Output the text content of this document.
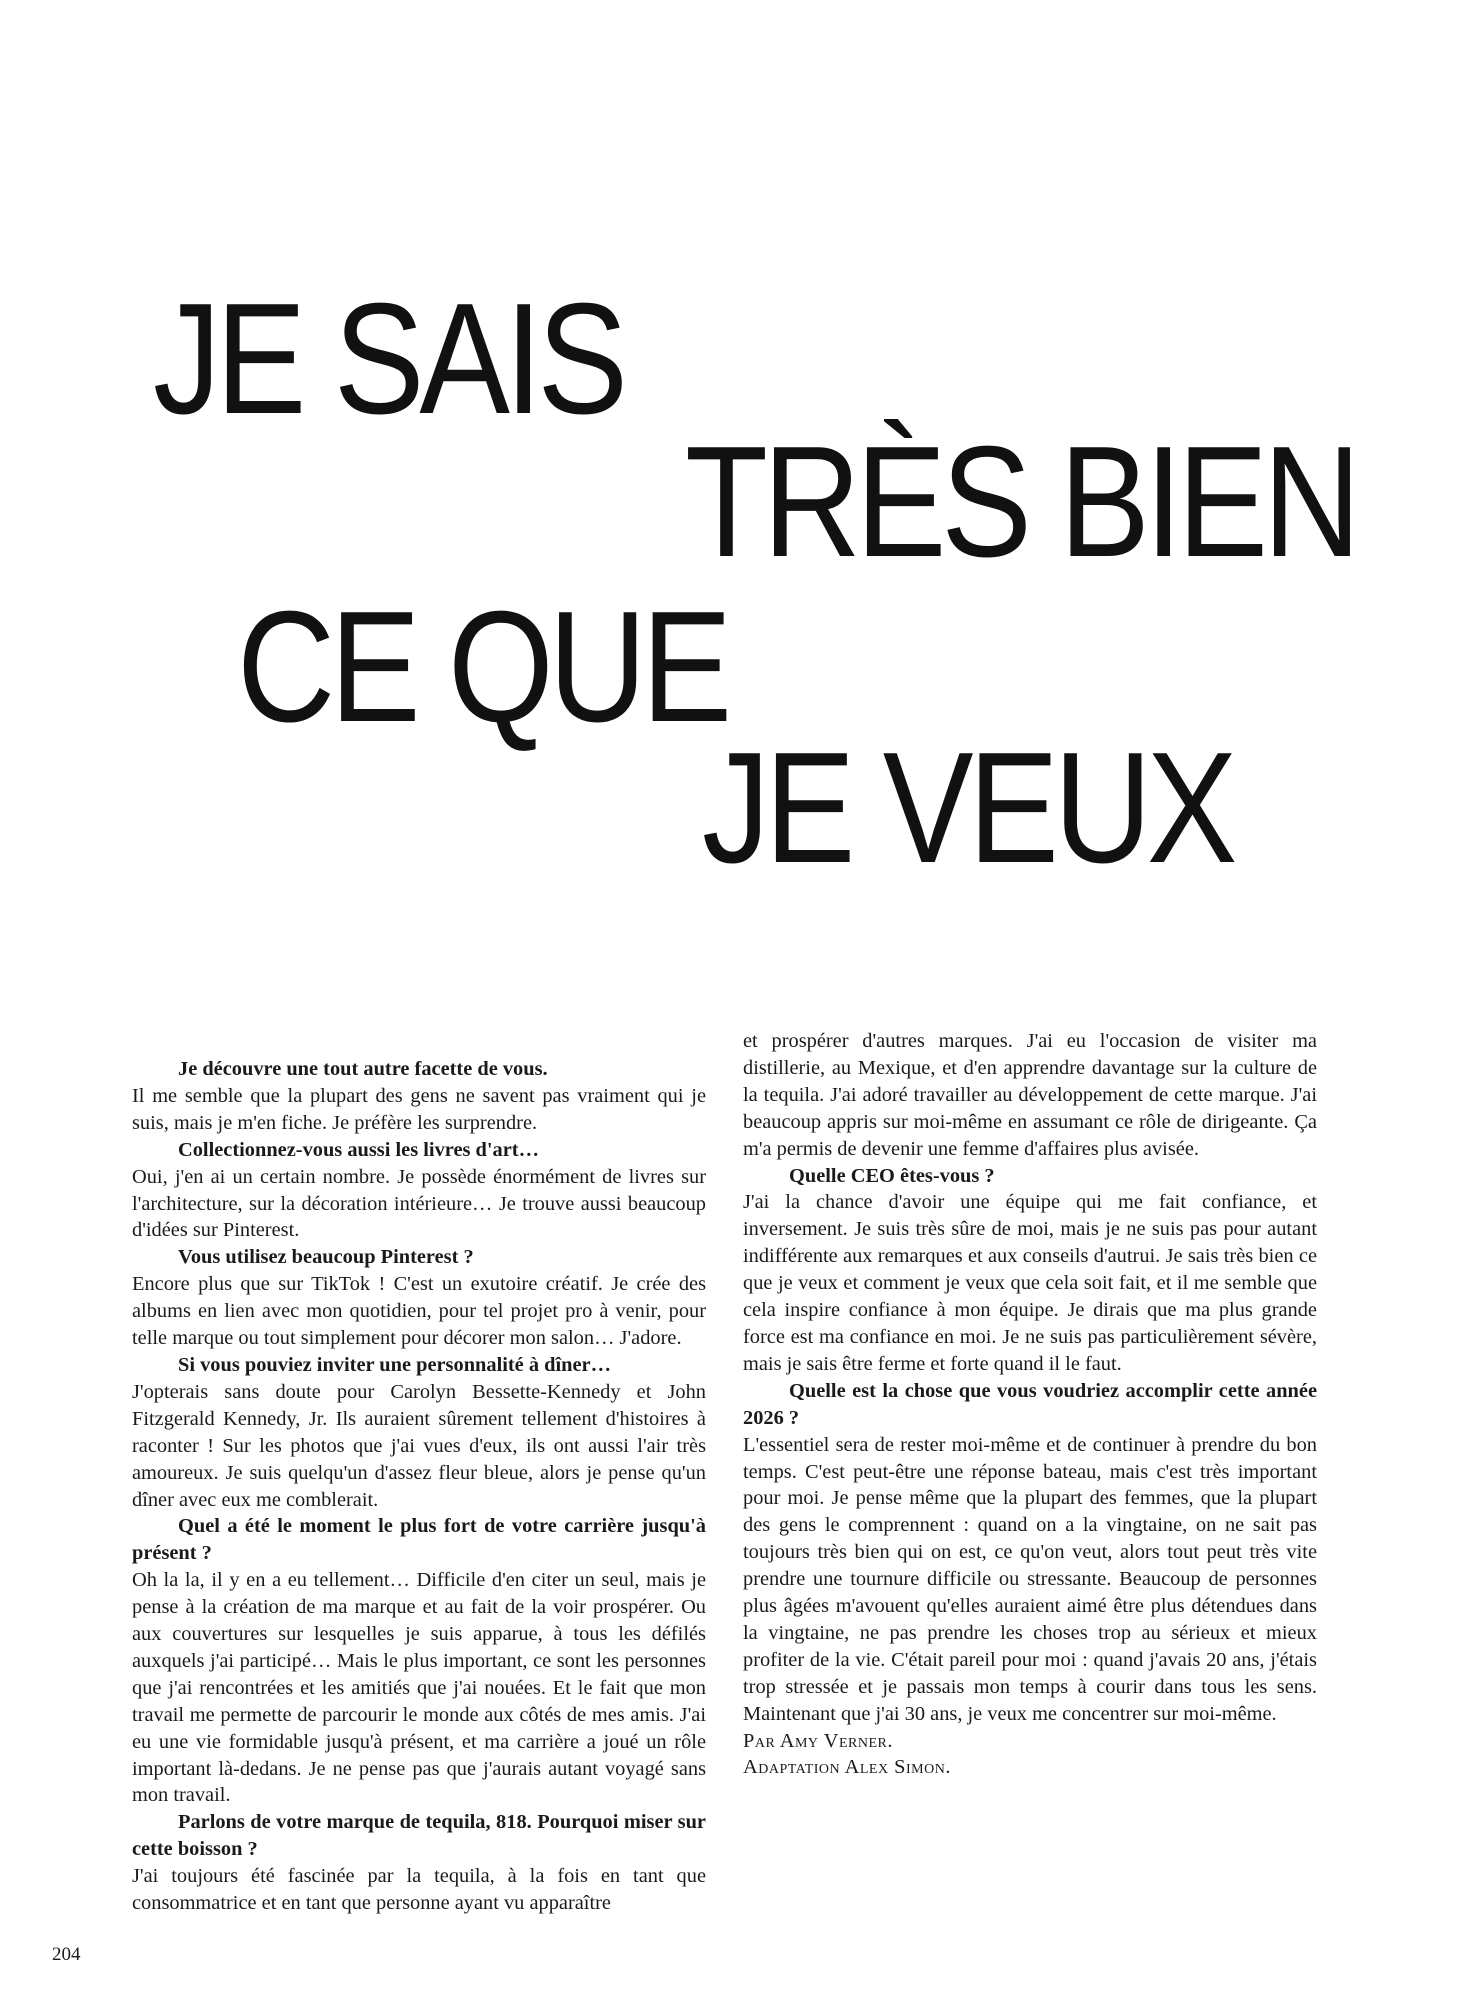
JE SAIS
TRÈS BIEN
CE QUE
JE VEUX

Je découvre une tout autre facette de vous.

Il me semble que la plupart des gens ne savent pas vraiment qui je suis, mais je m'en fiche. Je préfère les surprendre.

Collectionnez-vous aussi les livres d'art…

Oui, j'en ai un certain nombre. Je possède énormément de livres sur l'architecture, sur la décoration intérieure… Je trouve aussi beaucoup d'idées sur Pinterest.

Vous utilisez beaucoup Pinterest ?

Encore plus que sur TikTok ! C'est un exutoire créatif. Je crée des albums en lien avec mon quotidien, pour tel projet pro à venir, pour telle marque ou tout simplement pour décorer mon salon… J'adore.

Si vous pouviez inviter une personnalité à dîner…

J'opterais sans doute pour Carolyn Bessette-Kennedy et John Fitzgerald Kennedy, Jr. Ils auraient sûrement tellement d'histoires à raconter ! Sur les photos que j'ai vues d'eux, ils ont aussi l'air très amoureux. Je suis quelqu'un d'assez fleur bleue, alors je pense qu'un dîner avec eux me comblerait.

Quel a été le moment le plus fort de votre carrière jusqu'à présent ?

Oh la la, il y en a eu tellement… Difficile d'en citer un seul, mais je pense à la création de ma marque et au fait de la voir prospérer. Ou aux couvertures sur lesquelles je suis apparue, à tous les défilés auxquels j'ai participé… Mais le plus important, ce sont les personnes que j'ai rencontrées et les amitiés que j'ai nouées. Et le fait que mon travail me permette de parcourir le monde aux côtés de mes amis. J'ai eu une vie formidable jusqu'à présent, et ma carrière a joué un rôle important là-dedans. Je ne pense pas que j'aurais autant voyagé sans mon travail.

Parlons de votre marque de tequila, 818. Pourquoi miser sur cette boisson ?

J'ai toujours été fascinée par la tequila, à la fois en tant que consommatrice et en tant que personne ayant vu apparaître

et prospérer d'autres marques. J'ai eu l'occasion de visiter ma distillerie, au Mexique, et d'en apprendre davantage sur la culture de la tequila. J'ai adoré travailler au développement de cette marque. J'ai beaucoup appris sur moi-même en assumant ce rôle de dirigeante. Ça m'a permis de devenir une femme d'affaires plus avisée.

Quelle CEO êtes-vous ?

J'ai la chance d'avoir une équipe qui me fait confiance, et inversement. Je suis très sûre de moi, mais je ne suis pas pour autant indifférente aux remarques et aux conseils d'autrui. Je sais très bien ce que je veux et comment je veux que cela soit fait, et il me semble que cela inspire confiance à mon équipe. Je dirais que ma plus grande force est ma confiance en moi. Je ne suis pas particulièrement sévère, mais je sais être ferme et forte quand il le faut.

Quelle est la chose que vous voudriez accomplir cette année 2026 ?

L'essentiel sera de rester moi-même et de continuer à prendre du bon temps. C'est peut-être une réponse bateau, mais c'est très important pour moi. Je pense même que la plupart des femmes, que la plupart des gens le comprennent : quand on a la vingtaine, on ne sait pas toujours très bien qui on est, ce qu'on veut, alors tout peut très vite prendre une tournure difficile ou stressante. Beaucoup de personnes plus âgées m'avouent qu'elles auraient aimé être plus détendues dans la vingtaine, ne pas prendre les choses trop au sérieux et mieux profiter de la vie. C'était pareil pour moi : quand j'avais 20 ans, j'étais trop stressée et je passais mon temps à courir dans tous les sens. Maintenant que j'ai 30 ans, je veux me concentrer sur moi-même.

Par Amy Verner.

Adaptation Alex Simon.

204
